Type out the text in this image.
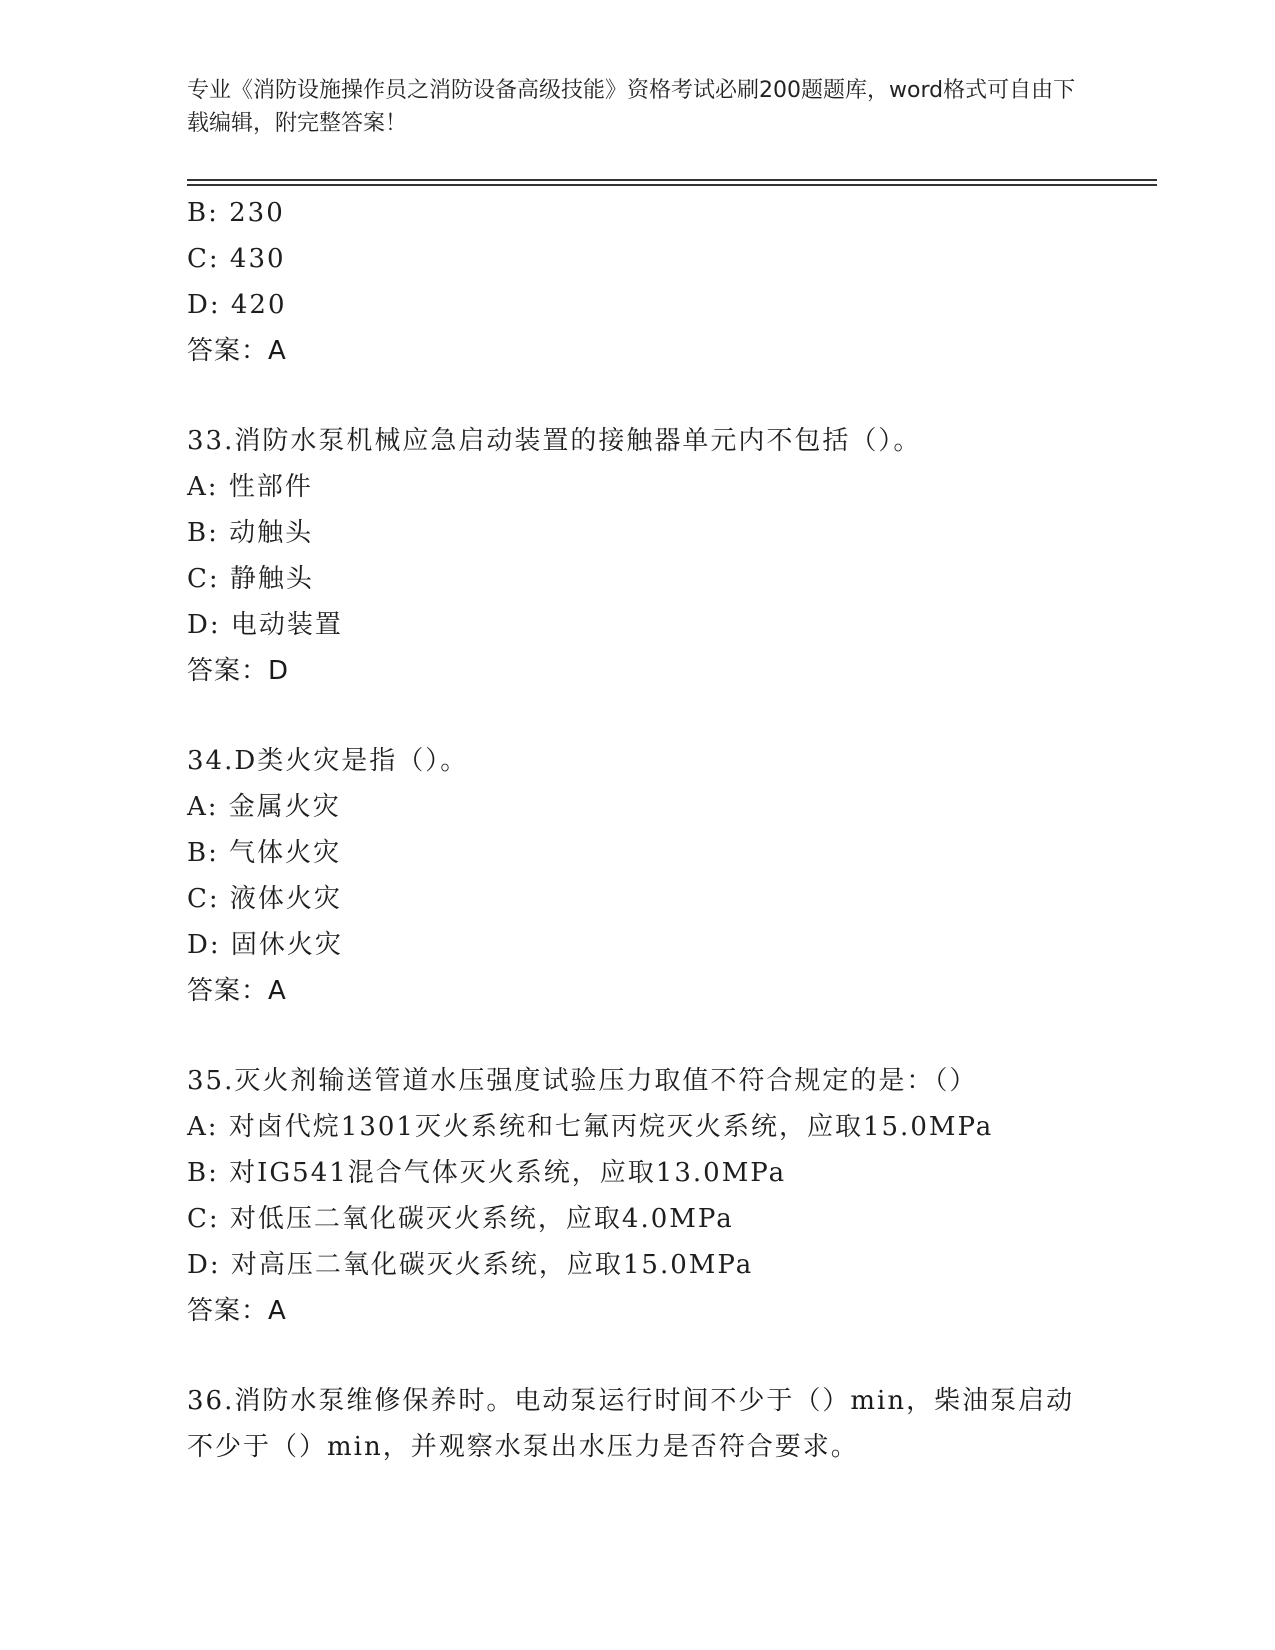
专业《消防设施操作员之消防设备高级技能》资格考试必刷200题题库，word格式可自由下载编辑，附完整答案！
B: 230
C: 430
D: 420
答案：A
33.消防水泵机械应急启动装置的接触器单元内不包括（）。
A: 性部件
B: 动触头
C: 静触头
D: 电动装置
答案：D
34.D类火灾是指（）。
A: 金属火灾
B: 气体火灾
C: 液体火灾
D: 固休火灾
答案：A
35.灭火剂输送管道水压强度试验压力取值不符合规定的是：（）
A: 对卤代烷1301灭火系统和七氟丙烷灭火系统，应取15.0MPa
B: 对IG541混合气体灭火系统，应取13.0MPa
C: 对低压二氧化碳灭火系统，应取4.0MPa
D: 对高压二氧化碳灭火系统，应取15.0MPa
答案：A
36.消防水泵维修保养时。电动泵运行时间不少于（）min，柴油泵启动不少于（）min，并观察水泵出水压力是否符合要求。
